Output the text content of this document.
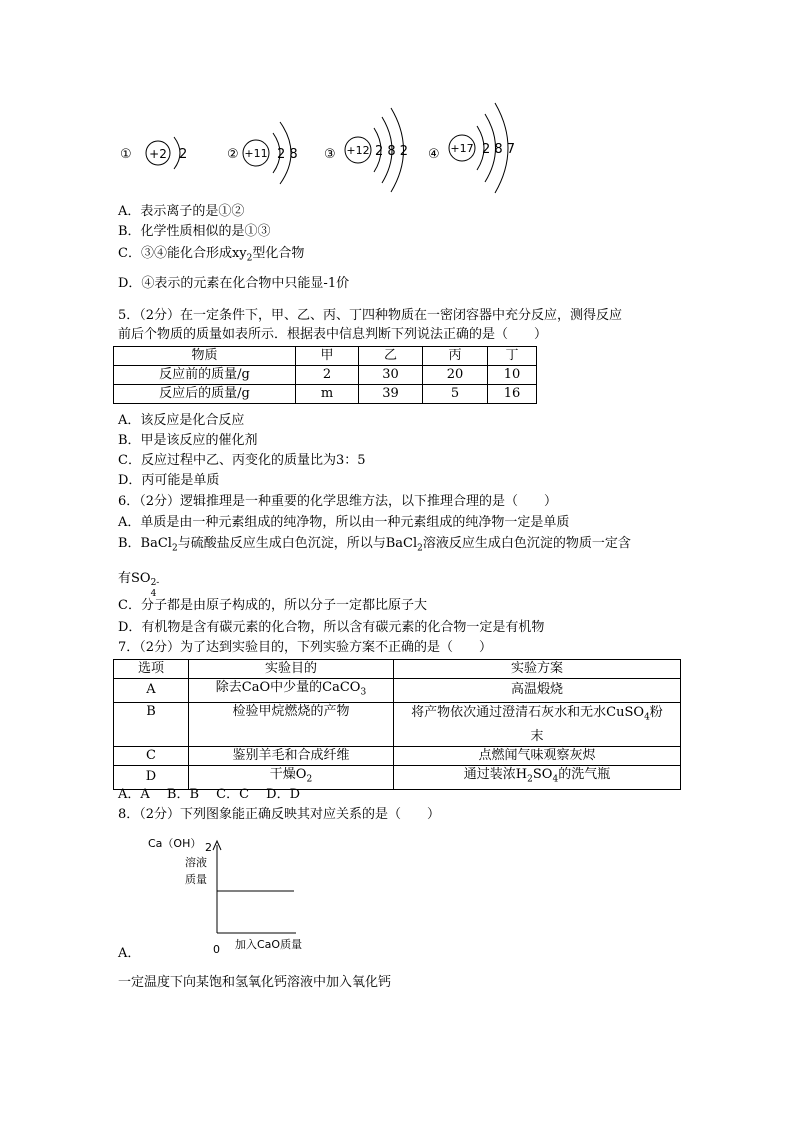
① +2 2	② +11 2 8 ③ +12 2 8 2 ④ +17 2 8 7
A．表示离子的是①②
B．化学性质相似的是①③
C．③④能化合形成$xy_2$型化合物
D．④表示的元素在化合物中只能显-1价
5．（2分）在一定条件下，甲、乙、丙、丁四种物质在一密闭容器中充分反应，测得反应
前后个物质的质量如表所示．根据表中信息判断下列说法正确的是（　　）
物质	甲	乙	丙	丁
反应前的质量/g	2	30	20	10
反应后的质量/g	m	39	5	16
A．该反应是化合反应
B．甲是该反应的催化剂
C．反应过程中乙、丙变化的质量比为3：5
D．丙可能是单质
6．（2分）逻辑推理是一种重要的化学思维方法，以下推理合理的是（　　）
A．单质是由一种元素组成的纯净物，所以由一种元素组成的纯净物一定是单质
B．BaCl$_2$与硫酸盐反应生成白色沉淀，所以与BaCl$_2$溶液反应生成白色沉淀的物质一定含
有SO 2-
4
C．分子都是由原子构成的，所以分子一定都比原子大
D．有机物是含有碳元素的化合物，所以含有碳元素的化合物一定是有机物
7．（2分）为了达到实验目的，下列实验方案不正确的是（　　）
选项	实验目的	实验方案
A	除去CaO中少量的CaCO$_3$	高温煅烧
B	检验甲烷燃烧的产物	将产物依次通过澄清石灰水和无水CuSO$_4$粉
末

C	鉴别羊毛和合成纤维	点燃闻气味观察灰烬
D	干燥$O_2$	通过装浓$H_2SO_4$的洗气瓶
A．A　 B．B　 C．C　 D．D
8．（2分）下列图象能正确反映其对应关系的是（　　）
Ca（OH） 2
溶液
质量
0 加入CaO质量
A．
一定温度下向某饱和氢氧化钙溶液中加入氧化钙
